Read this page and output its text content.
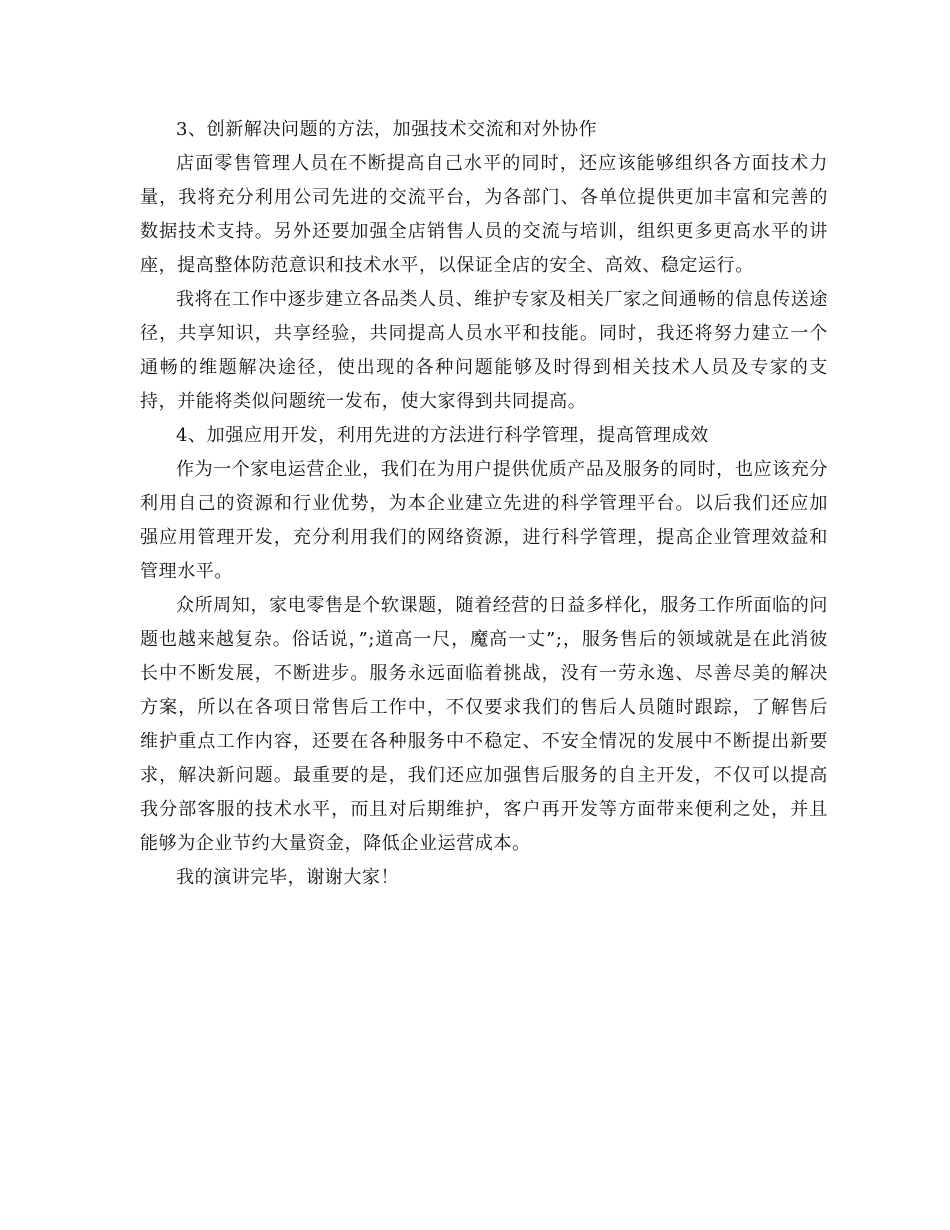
3、创新解决问题的方法，加强技术交流和对外协作

店面零售管理人员在不断提高自己水平的同时，还应该能够组织各方面技术力量，我将充分利用公司先进的交流平台，为各部门、各单位提供更加丰富和完善的数据技术支持。另外还要加强全店销售人员的交流与培训，组织更多更高水平的讲座，提高整体防范意识和技术水平，以保证全店的安全、高效、稳定运行。

我将在工作中逐步建立各品类人员、维护专家及相关厂家之间通畅的信息传送途径，共享知识，共享经验，共同提高人员水平和技能。同时，我还将努力建立一个通畅的维题解决途径，使出现的各种问题能够及时得到相关技术人员及专家的支持，并能将类似问题统一发布，使大家得到共同提高。

4、加强应用开发，利用先进的方法进行科学管理，提高管理成效

作为一个家电运营企业，我们在为用户提供优质产品及服务的同时，也应该充分利用自己的资源和行业优势，为本企业建立先进的科学管理平台。以后我们还应加强应用管理开发，充分利用我们的网络资源，进行科学管理，提高企业管理效益和管理水平。

众所周知，家电零售是个软课题，随着经营的日益多样化，服务工作所面临的问题也越来越复杂。俗话说，”;道高一尺，魔高一丈”;，服务售后的领域就是在此消彼长中不断发展，不断进步。服务永远面临着挑战，没有一劳永逸、尽善尽美的解决方案，所以在各项日常售后工作中，不仅要求我们的售后人员随时跟踪，了解售后维护重点工作内容，还要在各种服务中不稳定、不安全情况的发展中不断提出新要求，解决新问题。最重要的是，我们还应加强售后服务的自主开发，不仅可以提高我分部客服的技术水平，而且对后期维护，客户再开发等方面带来便利之处，并且能够为企业节约大量资金，降低企业运营成本。

我的演讲完毕，谢谢大家！
